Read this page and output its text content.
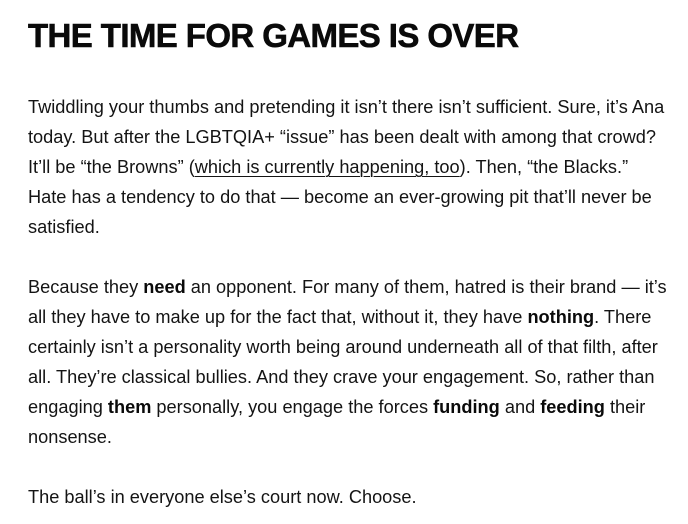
THE TIME FOR GAMES IS OVER

Twiddling your thumbs and pretending it isn’t there isn’t sufficient. Sure, it’s Ana today. But after the LGBTQIA+ “issue” has been dealt with among that crowd? It’ll be “the Browns” (which is currently happening, too). Then, “the Blacks.” Hate has a tendency to do that — become an ever-growing pit that’ll never be satisfied.

Because they need an opponent. For many of them, hatred is their brand — it’s all they have to make up for the fact that, without it, they have nothing. There certainly isn’t a personality worth being around underneath all of that filth, after all. They’re classical bullies. And they crave your engagement. So, rather than engaging them personally, you engage the forces funding and feeding their nonsense.

The ball’s in everyone else’s court now. Choose.
